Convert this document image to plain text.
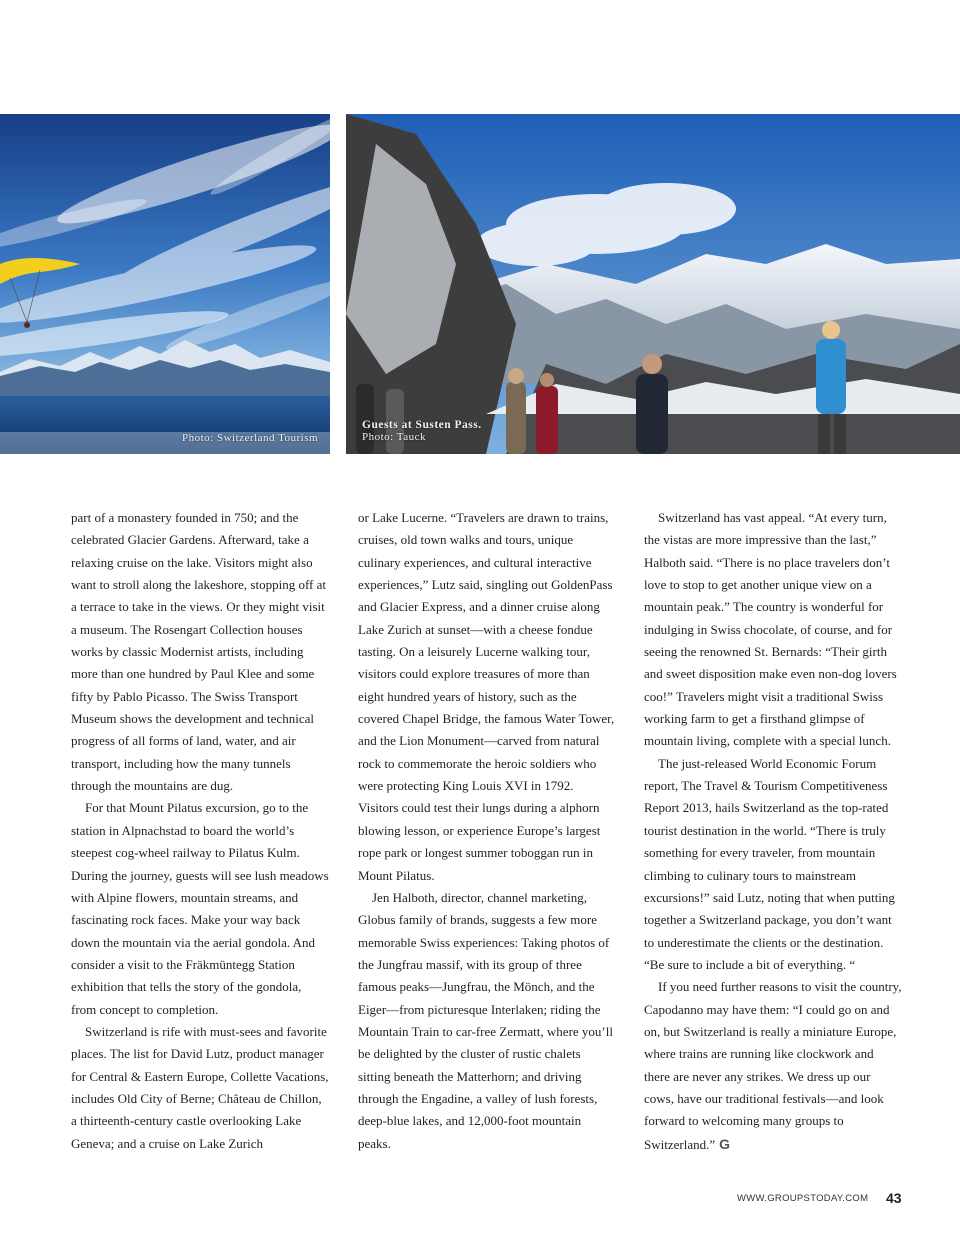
Photo: Switzerland Tourism
Guests at Susten Pass.
Photo: Tauck

part of a monastery founded in 750; and the celebrated Glacier Gardens. Afterward, take a relaxing cruise on the lake. Visitors might also want to stroll along the lakeshore, stopping off at a terrace to take in the views. Or they might visit a museum. The Rosengart Collection houses works by classic Modernist artists, including more than one hundred by Paul Klee and some fifty by Pablo Picasso. The Swiss Transport Museum shows the development and technical progress of all forms of land, water, and air transport, including how the many tunnels through the mountains are dug.

For that Mount Pilatus excursion, go to the station in Alpnachstad to board the world’s steepest cog-wheel railway to Pilatus Kulm. During the journey, guests will see lush meadows with Alpine flowers, mountain streams, and fascinating rock faces. Make your way back down the mountain via the aerial gondola. And consider a visit to the Fräkmüntegg Station exhibition that tells the story of the gondola, from concept to completion.

Switzerland is rife with must-sees and favorite places. The list for David Lutz, product manager for Central & Eastern Europe, Collette Vacations, includes Old City of Berne; Château de Chillon, a thirteenth-century castle overlooking Lake Geneva; and a cruise on Lake Zurich

or Lake Lucerne. “Travelers are drawn to trains, cruises, old town walks and tours, unique culinary experiences, and cultural interactive experiences,” Lutz said, singling out GoldenPass and Glacier Express, and a dinner cruise along Lake Zurich at sunset—with a cheese fondue tasting. On a leisurely Lucerne walking tour, visitors could explore treasures of more than eight hundred years of history, such as the covered Chapel Bridge, the famous Water Tower, and the Lion Monument—carved from natural rock to commemorate the heroic soldiers who were protecting King Louis XVI in 1792. Visitors could test their lungs during a alphorn blowing lesson, or experience Europe’s largest rope park or longest summer toboggan run in Mount Pilatus.

Jen Halboth, director, channel marketing, Globus family of brands, suggests a few more memorable Swiss experiences: Taking photos of the Jungfrau massif, with its group of three famous peaks—Jungfrau, the Mönch, and the Eiger—from picturesque Interlaken; riding the Mountain Train to car-free Zermatt, where you’ll be delighted by the cluster of rustic chalets sitting beneath the Matterhorn; and driving through the Engadine, a valley of lush forests, deep-blue lakes, and 12,000-foot mountain peaks.

Switzerland has vast appeal. “At every turn, the vistas are more impressive than the last,” Halboth said. “There is no place travelers don’t love to stop to get another unique view on a mountain peak.” The country is wonderful for indulging in Swiss chocolate, of course, and for seeing the renowned St. Bernards: “Their girth and sweet disposition make even non-dog lovers coo!” Travelers might visit a traditional Swiss working farm to get a firsthand glimpse of mountain living, complete with a special lunch.

The just-released World Economic Forum report, The Travel & Tourism Competitiveness Report 2013, hails Switzerland as the top-rated tourist destination in the world. “There is truly something for every traveler, from mountain climbing to culinary tours to mainstream excursions!” said Lutz, noting that when putting together a Switzerland package, you don’t want to underestimate the clients or the destination. “Be sure to include a bit of everything. “

If you need further reasons to visit the country, Capodanno may have them: “I could go on and on, but Switzerland is really a miniature Europe, where trains are running like clockwork and there are never any strikes. We dress up our cows, have our traditional festivals—and look forward to welcoming many groups to Switzerland.” G

WWW.GROUPSTODAY.COM 43
